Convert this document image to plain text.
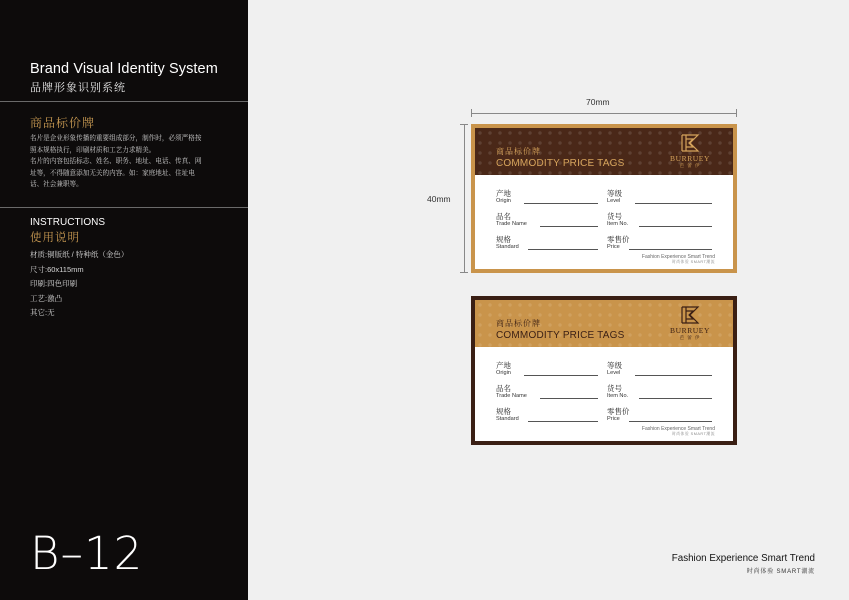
Brand Visual Identity System
品牌形象识别系统
商品标价牌
名片是企业形象传播的重要组成部分，制作时，必须严格按
照本规格执行，印刷材质和工艺力求精美。
名片的内容包括标志、姓名、职务、地址、电话、传真、网
址等，不得随意添加无关的内容。如：家庭地址、住址电
话、社会兼职等。
INSTRUCTIONS
使用说明
材质:铜版纸 / 特种纸（金色）
尺寸:60x115mm
印刷:四色印刷
工艺:激凸
其它:无
B–12
70mm
40mm
商品标价牌
COMMODITY PRICE TAGS	BURRUEY
芭 蕾 伊
产地
Origin
品名
Trade Name
规格
Standard
等级
Level
货号
Item No.
零售价
Price
Fashion Experience Smart Trend
时尚体验 SMART潮流
商品标价牌
COMMODITY PRICE TAGS	BURRUEY
芭 蕾 伊
产地
Origin
品名
Trade Name
规格
Standard
等级
Level
货号
Item No.
零售价
Price
Fashion Experience Smart Trend
时尚体验 SMART潮流
Fashion Experience Smart Trend
时尚体验 SMART潮流
